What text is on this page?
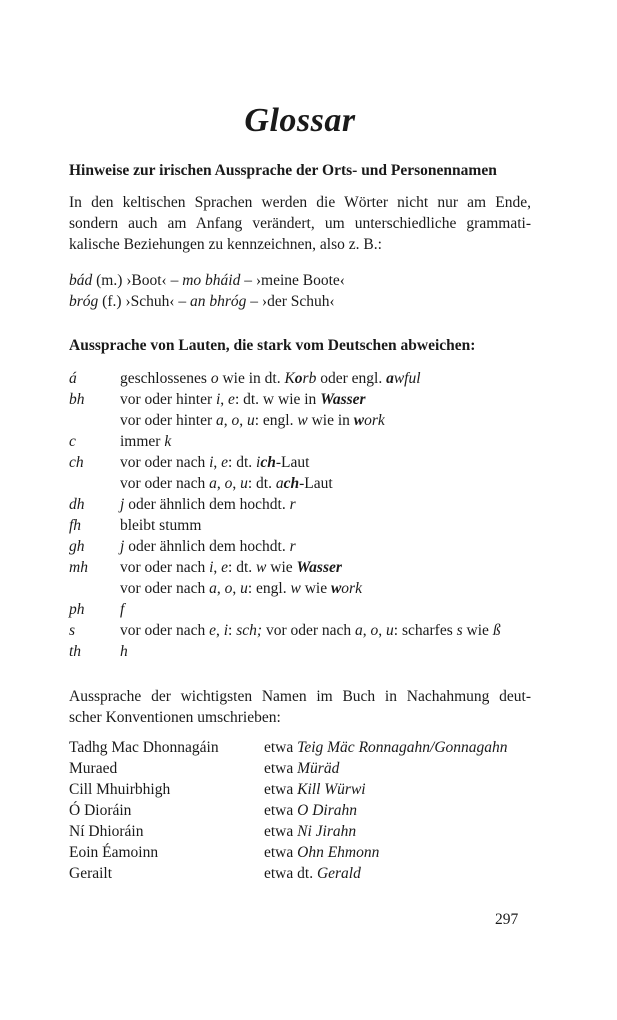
Glossar

Hinweise zur irischen Aussprache der Orts- und Personennamen

In den keltischen Sprachen werden die Wörter nicht nur am Ende,
sondern auch am Anfang verändert, um unterschiedliche grammati-
kalische Beziehungen zu kennzeichnen, also z. B.:
bád (m.) ›Boot‹ – mo bháid – ›meine Boote‹
bróg (f.) ›Schuh‹ – an bhróg – ›der Schuh‹

Aussprache von Lauten, die stark vom Deutschen abweichen:

á	geschlossenes o wie in dt. Korb oder engl. awful
bh	vor oder hinter i, e: dt. w wie in Wasser
vor oder hinter a, o, u: engl. w wie in work
c	immer k
ch	vor oder nach i, e: dt. ich-Laut
vor oder nach a, o, u: dt. ach-Laut
dh	j oder ähnlich dem hochdt. r
fh	bleibt stumm
gh	j oder ähnlich dem hochdt. r
mh	vor oder nach i, e: dt. w wie Wasser
vor oder nach a, o, u: engl. w wie work
ph	f
s	vor oder nach e, i: sch; vor oder nach a, o, u: scharfes s wie ß
th	h
Aussprache der wichtigsten Namen im Buch in Nachahmung deut-
scher Konventionen umschrieben:
Tadhg Mac Dhonnagáin	etwa Teig Mäc Ronnagahn/Gonnagahn
Muraed	etwa Müräd
Cill Mhuirbhigh	etwa Kill Würwi
Ó Dioráin	etwa O Dirahn
Ní Dhioráin	etwa Ni Jirahn
Eoin Éamoinn	etwa Ohn Ehmonn
Gerailt	etwa dt. Gerald
297
